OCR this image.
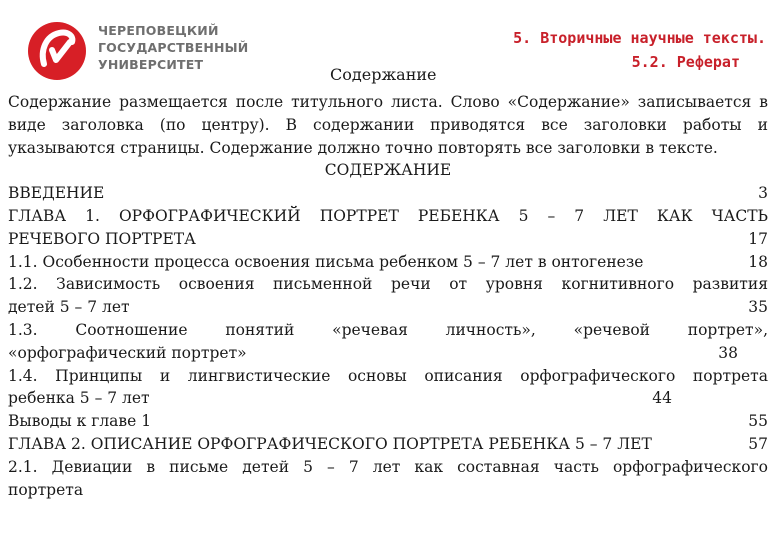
ЧЕРЕПОВЕЦКИЙ
ГОСУДАРСТВЕННЫЙ
УНИВЕРСИТЕТ
5. Вторичные научные тексты.
5.2. Реферат
Содержание

Содержание размещается после титульного листа. Слово «Содержание» записывается в виде заголовка (по центру). В содержании приводятся все заголовки работы и указываются страницы. Содержание должно точно повторять все заголовки в тексте.

СОДЕРЖАНИЕ

ВВЕДЕНИЕ	3
ГЛАВА 1. ОРФОГРАФИЧЕСКИЙ ПОРТРЕТ РЕБЕНКА 5 – 7 ЛЕТ КАК ЧАСТЬ
РЕЧЕВОГО ПОРТРЕТА	17
1.1. Особенности процесса освоения письма ребенком 5 – 7 лет в онтогенезе	18
1.2. Зависимость освоения письменной речи от уровня когнитивного развития
детей 5 – 7 лет	35
1.3. Соотношение понятий «речевая личность», «речевой портрет»,
«орфографический портрет»	38
1.4. Принципы и лингвистические основы описания орфографического портрета
ребенка 5 – 7 лет	44
Выводы к главе 1	55
ГЛАВА 2. ОПИСАНИЕ ОРФОГРАФИЧЕСКОГО ПОРТРЕТА РЕБЕНКА 5 – 7 ЛЕТ	57
2.1. Девиации в письме детей 5 – 7 лет как составная часть орфографического
портрета
